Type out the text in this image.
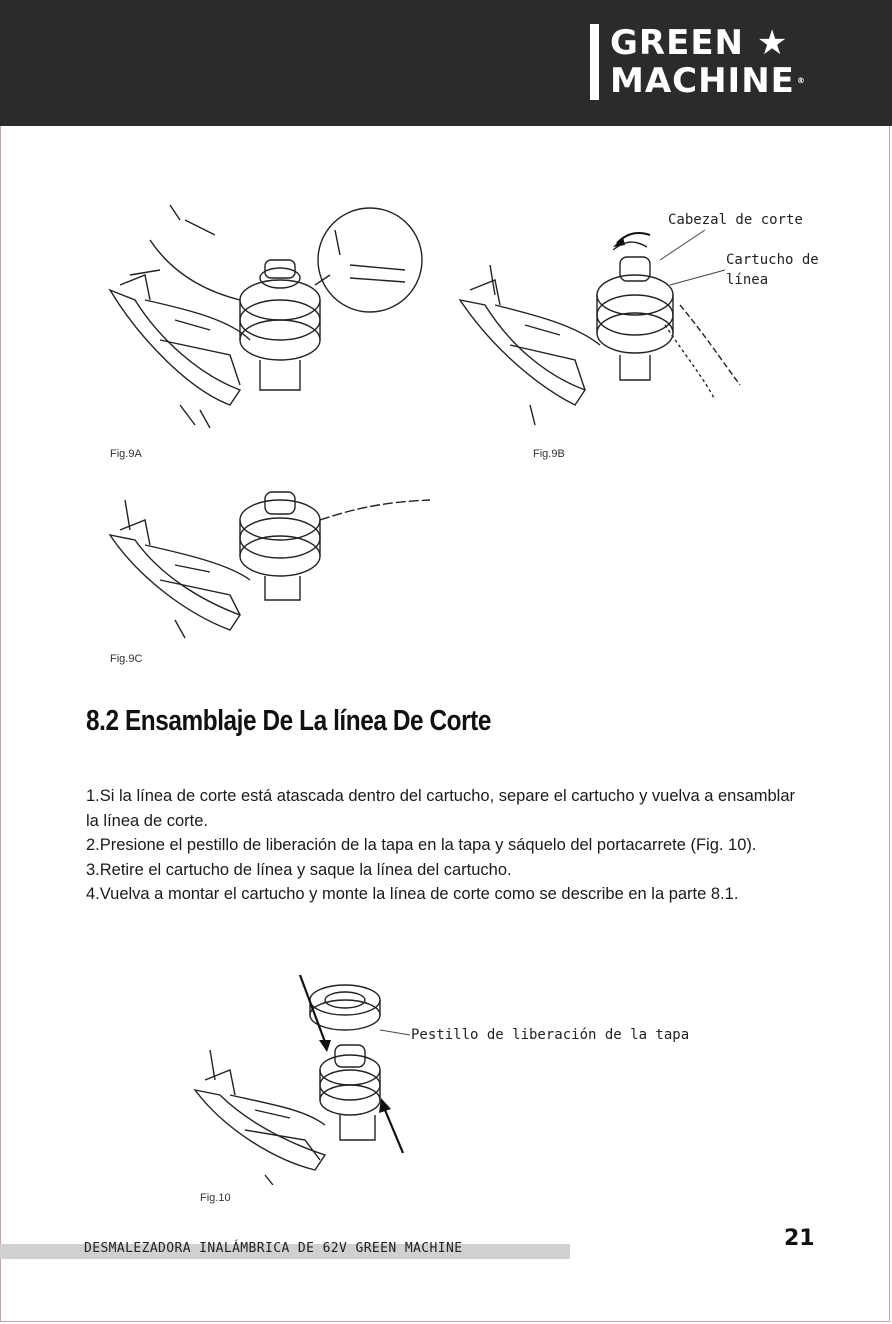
GREEN ★
MACHINE ®
Fig.9A	Fig.9B
Cabezal de corte
Cartucho de
línea
Fig.9C
8.2 Ensamblaje De La línea De Corte

1.Si la línea de corte está atascada dentro del cartucho, separe el cartucho y vuelva a ensamblar la línea de corte.

2.Presione el pestillo de liberación de la tapa en la tapa y sáquelo del portacarrete (Fig. 10).

3.Retire el cartucho de línea y saque la línea del cartucho.

4.Vuelva a montar el cartucho y monte la línea de corte como se describe en la parte 8.1.

Fig.10
Pestillo de liberación de la tapa
DESMALEZADORA INALÁMBRICA DE 62V GREEN MACHINE	21
